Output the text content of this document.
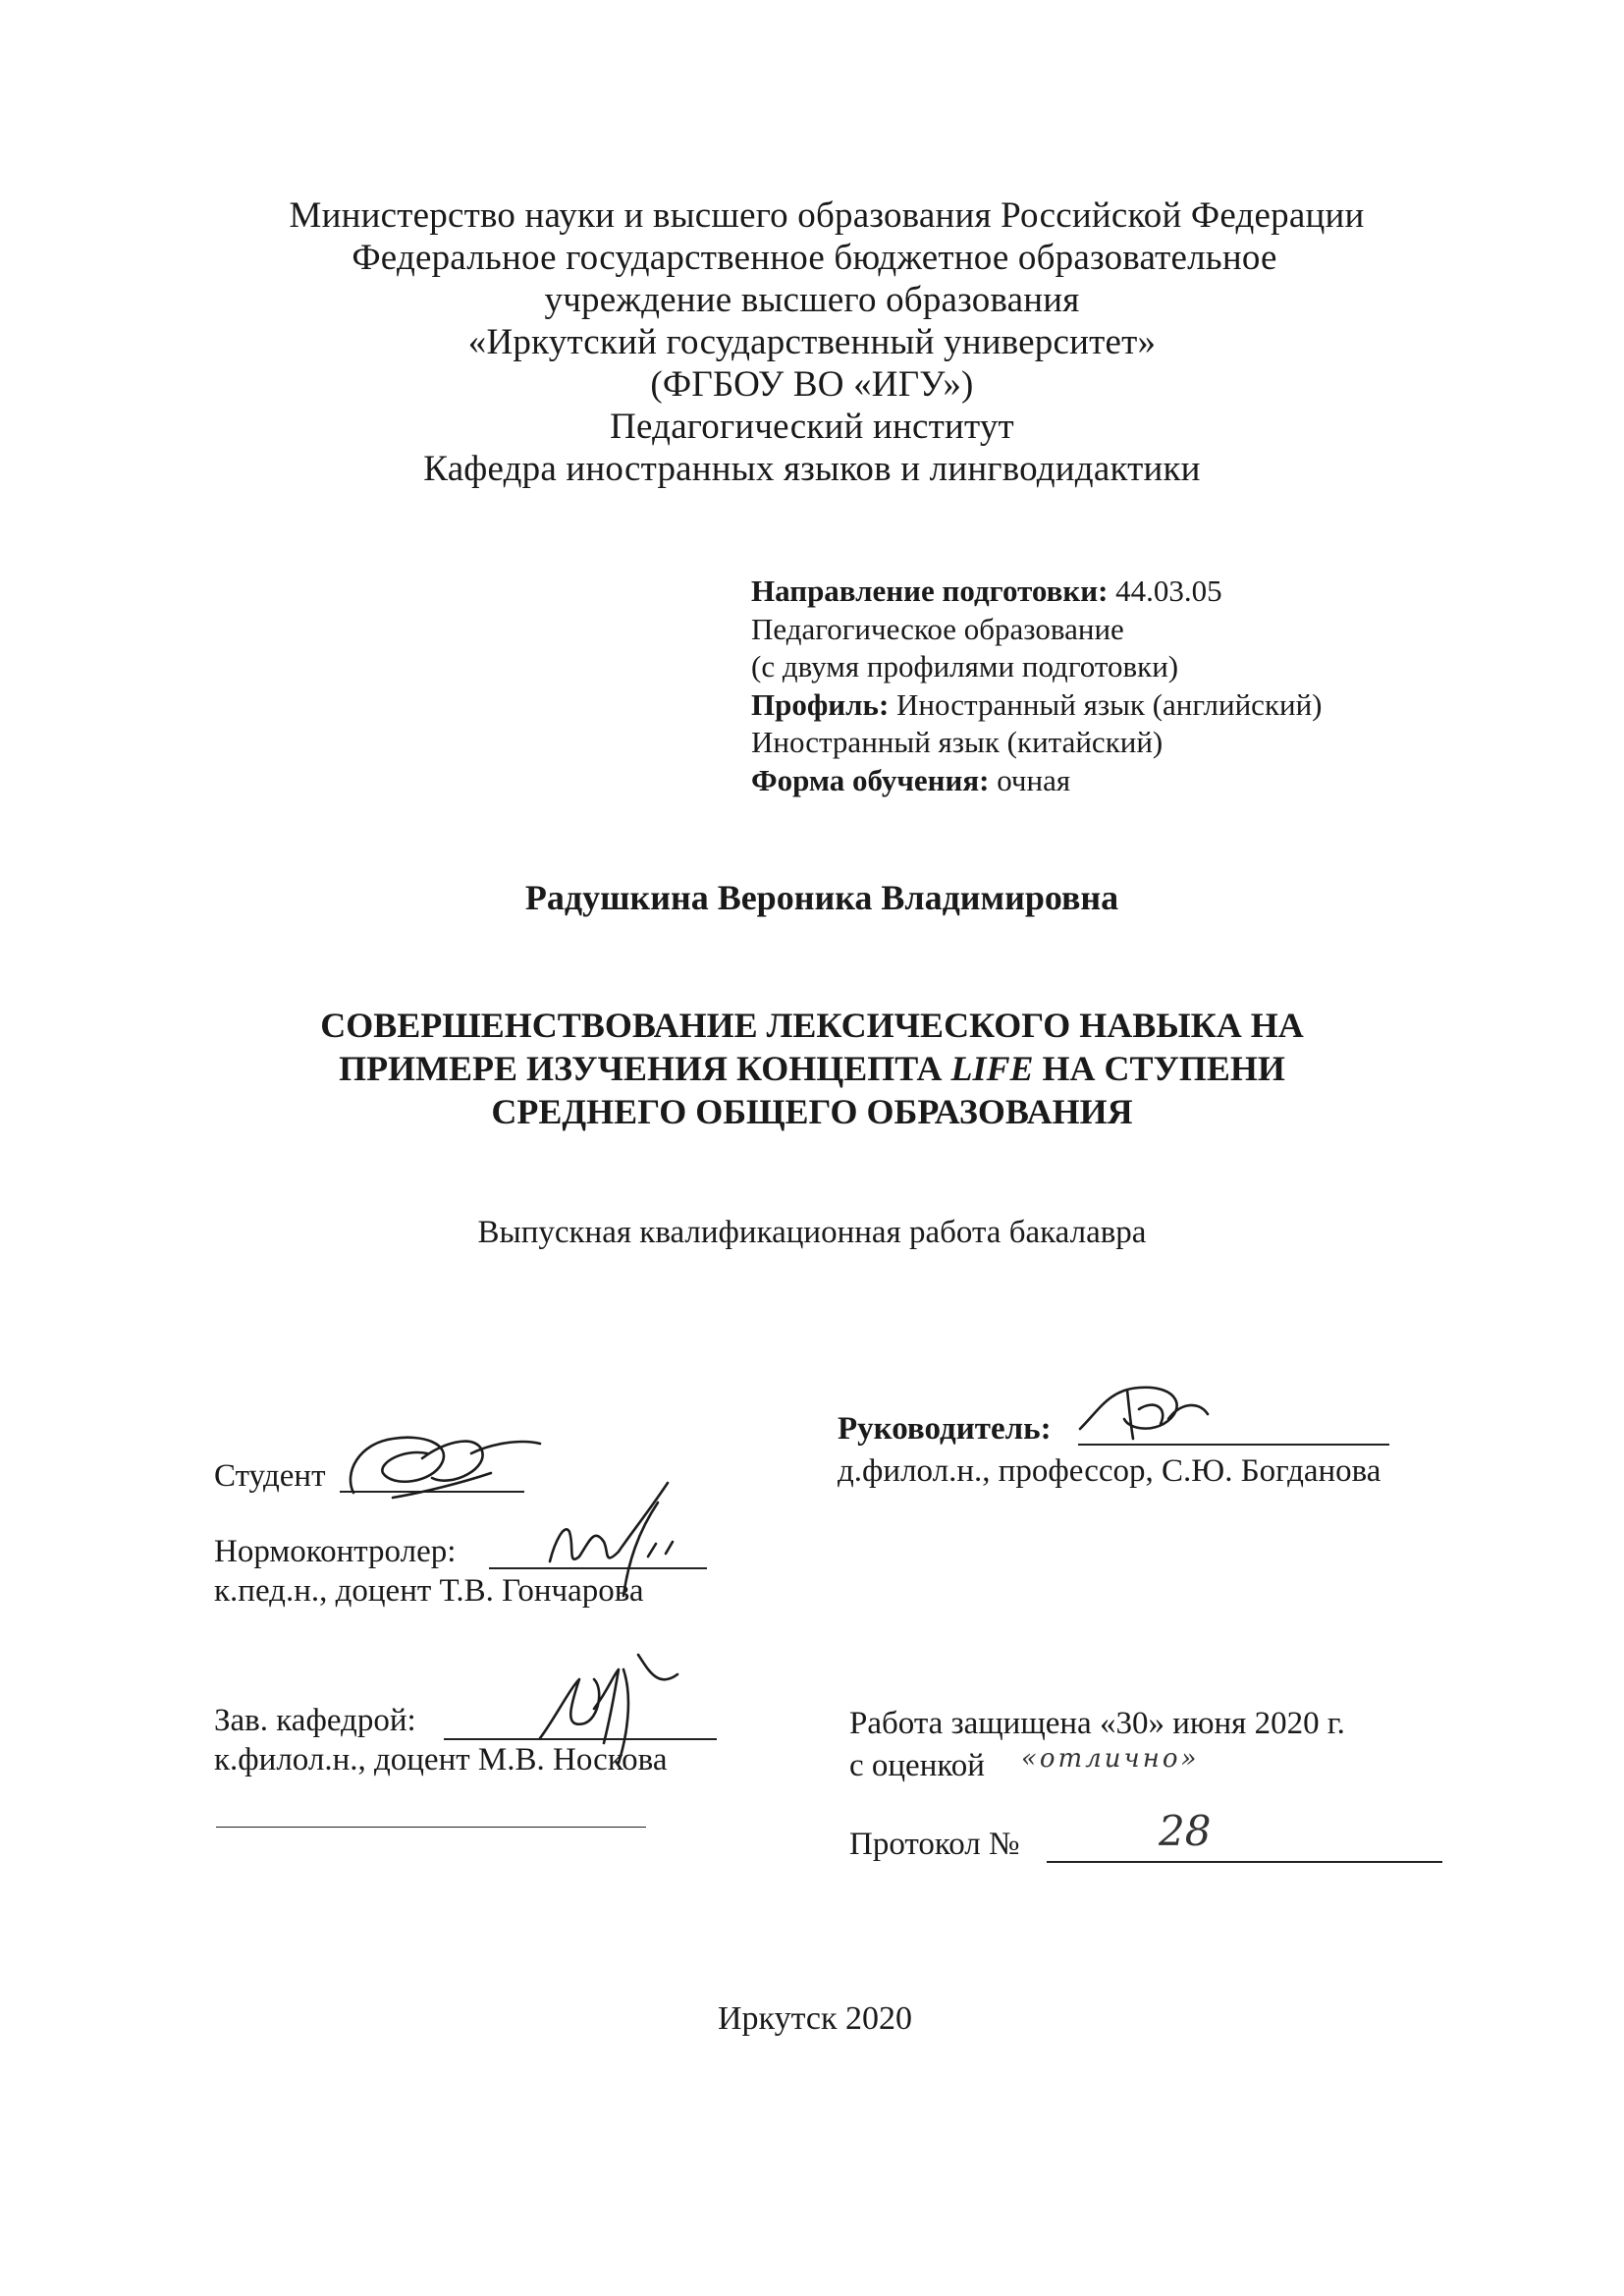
Министерство науки и высшего образования Российской Федерации
Федеральное государственное бюджетное образовательное
учреждение высшего образования
«Иркутский государственный университет»
(ФГБОУ ВО «ИГУ»)
Педагогический институт
Кафедра иностранных языков и лингводидактики
Направление подготовки: 44.03.05
Педагогическое образование
(с двумя профилями подготовки)
Профиль: Иностранный язык (английский)
Иностранный язык (китайский)
Форма обучения: очная
Радушкина Вероника Владимировна
СОВЕРШЕНСТВОВАНИЕ ЛЕКСИЧЕСКОГО НАВЫКА НА
ПРИМЕРЕ ИЗУЧЕНИЯ КОНЦЕПТА LIFE НА СТУПЕНИ
СРЕДНЕГО ОБЩЕГО ОБРАЗОВАНИЯ
Выпускная квалификационная работа бакалавра
Руководитель:
д.филол.н., профессор, С.Ю. Богданова
Студент
Нормоконтролер:
к.пед.н., доцент Т.В. Гончарова
Зав. кафедрой:
к.филол.н., доцент М.В. Носкова
Работа защищена «30» июня 2020 г.
с оценкой «отлично»
Протокол №	28
Иркутск 2020
